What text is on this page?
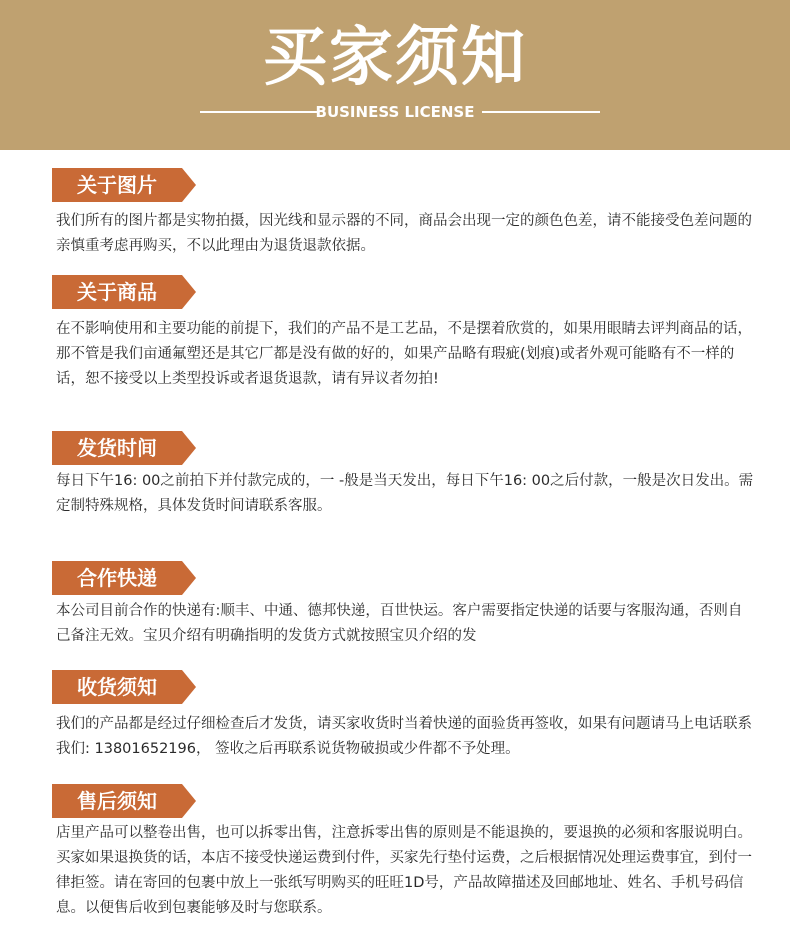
买家须知
BUSINESS LICENSE
关于图片
我们所有的图片都是实物拍摄，因光线和显示器的不同，商品会出现一定的颜色色差，请不能接受色差问题的亲慎重考虑再购买，不以此理由为退货退款依据。
关于商品
在不影响使用和主要功能的前提下，我们的产品不是工艺品，不是摆着欣赏的，如果用眼睛去评判商品的话，那不管是我们亩通氟塑还是其它厂都是没有做的好的，如果产品略有瑕疵(划痕)或者外观可能略有不一样的话，恕不接受以上类型投诉或者退货退款，请有异议者勿拍!
发货时间
每日下午16: 00之前拍下并付款完成的，一 -般是当天发出，每日下午16: 00之后付款，一般是次日发出。需定制特殊规格，具体发货时间请联系客服。
合作快递
本公司目前合作的快递有:顺丰、中通、德邦快递，百世快运。客户需要指定快递的话要与客服沟通，否则自己备注无效。宝贝介绍有明确指明的发货方式就按照宝贝介绍的发
收货须知
我们的产品都是经过仔细检查后才发货，请买家收货时当着快递的面验货再签收，如果有问题请马上电话联系我们: 13801652196， 签收之后再联系说货物破损或少件都不予处理。
售后须知
店里产品可以整卷出售，也可以拆零出售，注意拆零出售的原则是不能退换的，要退换的必须和客服说明白。买家如果退换货的话，本店不接受快递运费到付件，买家先行垫付运费，之后根据情况处理运费事宜，到付一律拒签。请在寄回的包裹中放上一张纸写明购买的旺旺1D号，产品故障描述及回邮地址、姓名、手机号码信息。以便售后收到包裹能够及时与您联系。
